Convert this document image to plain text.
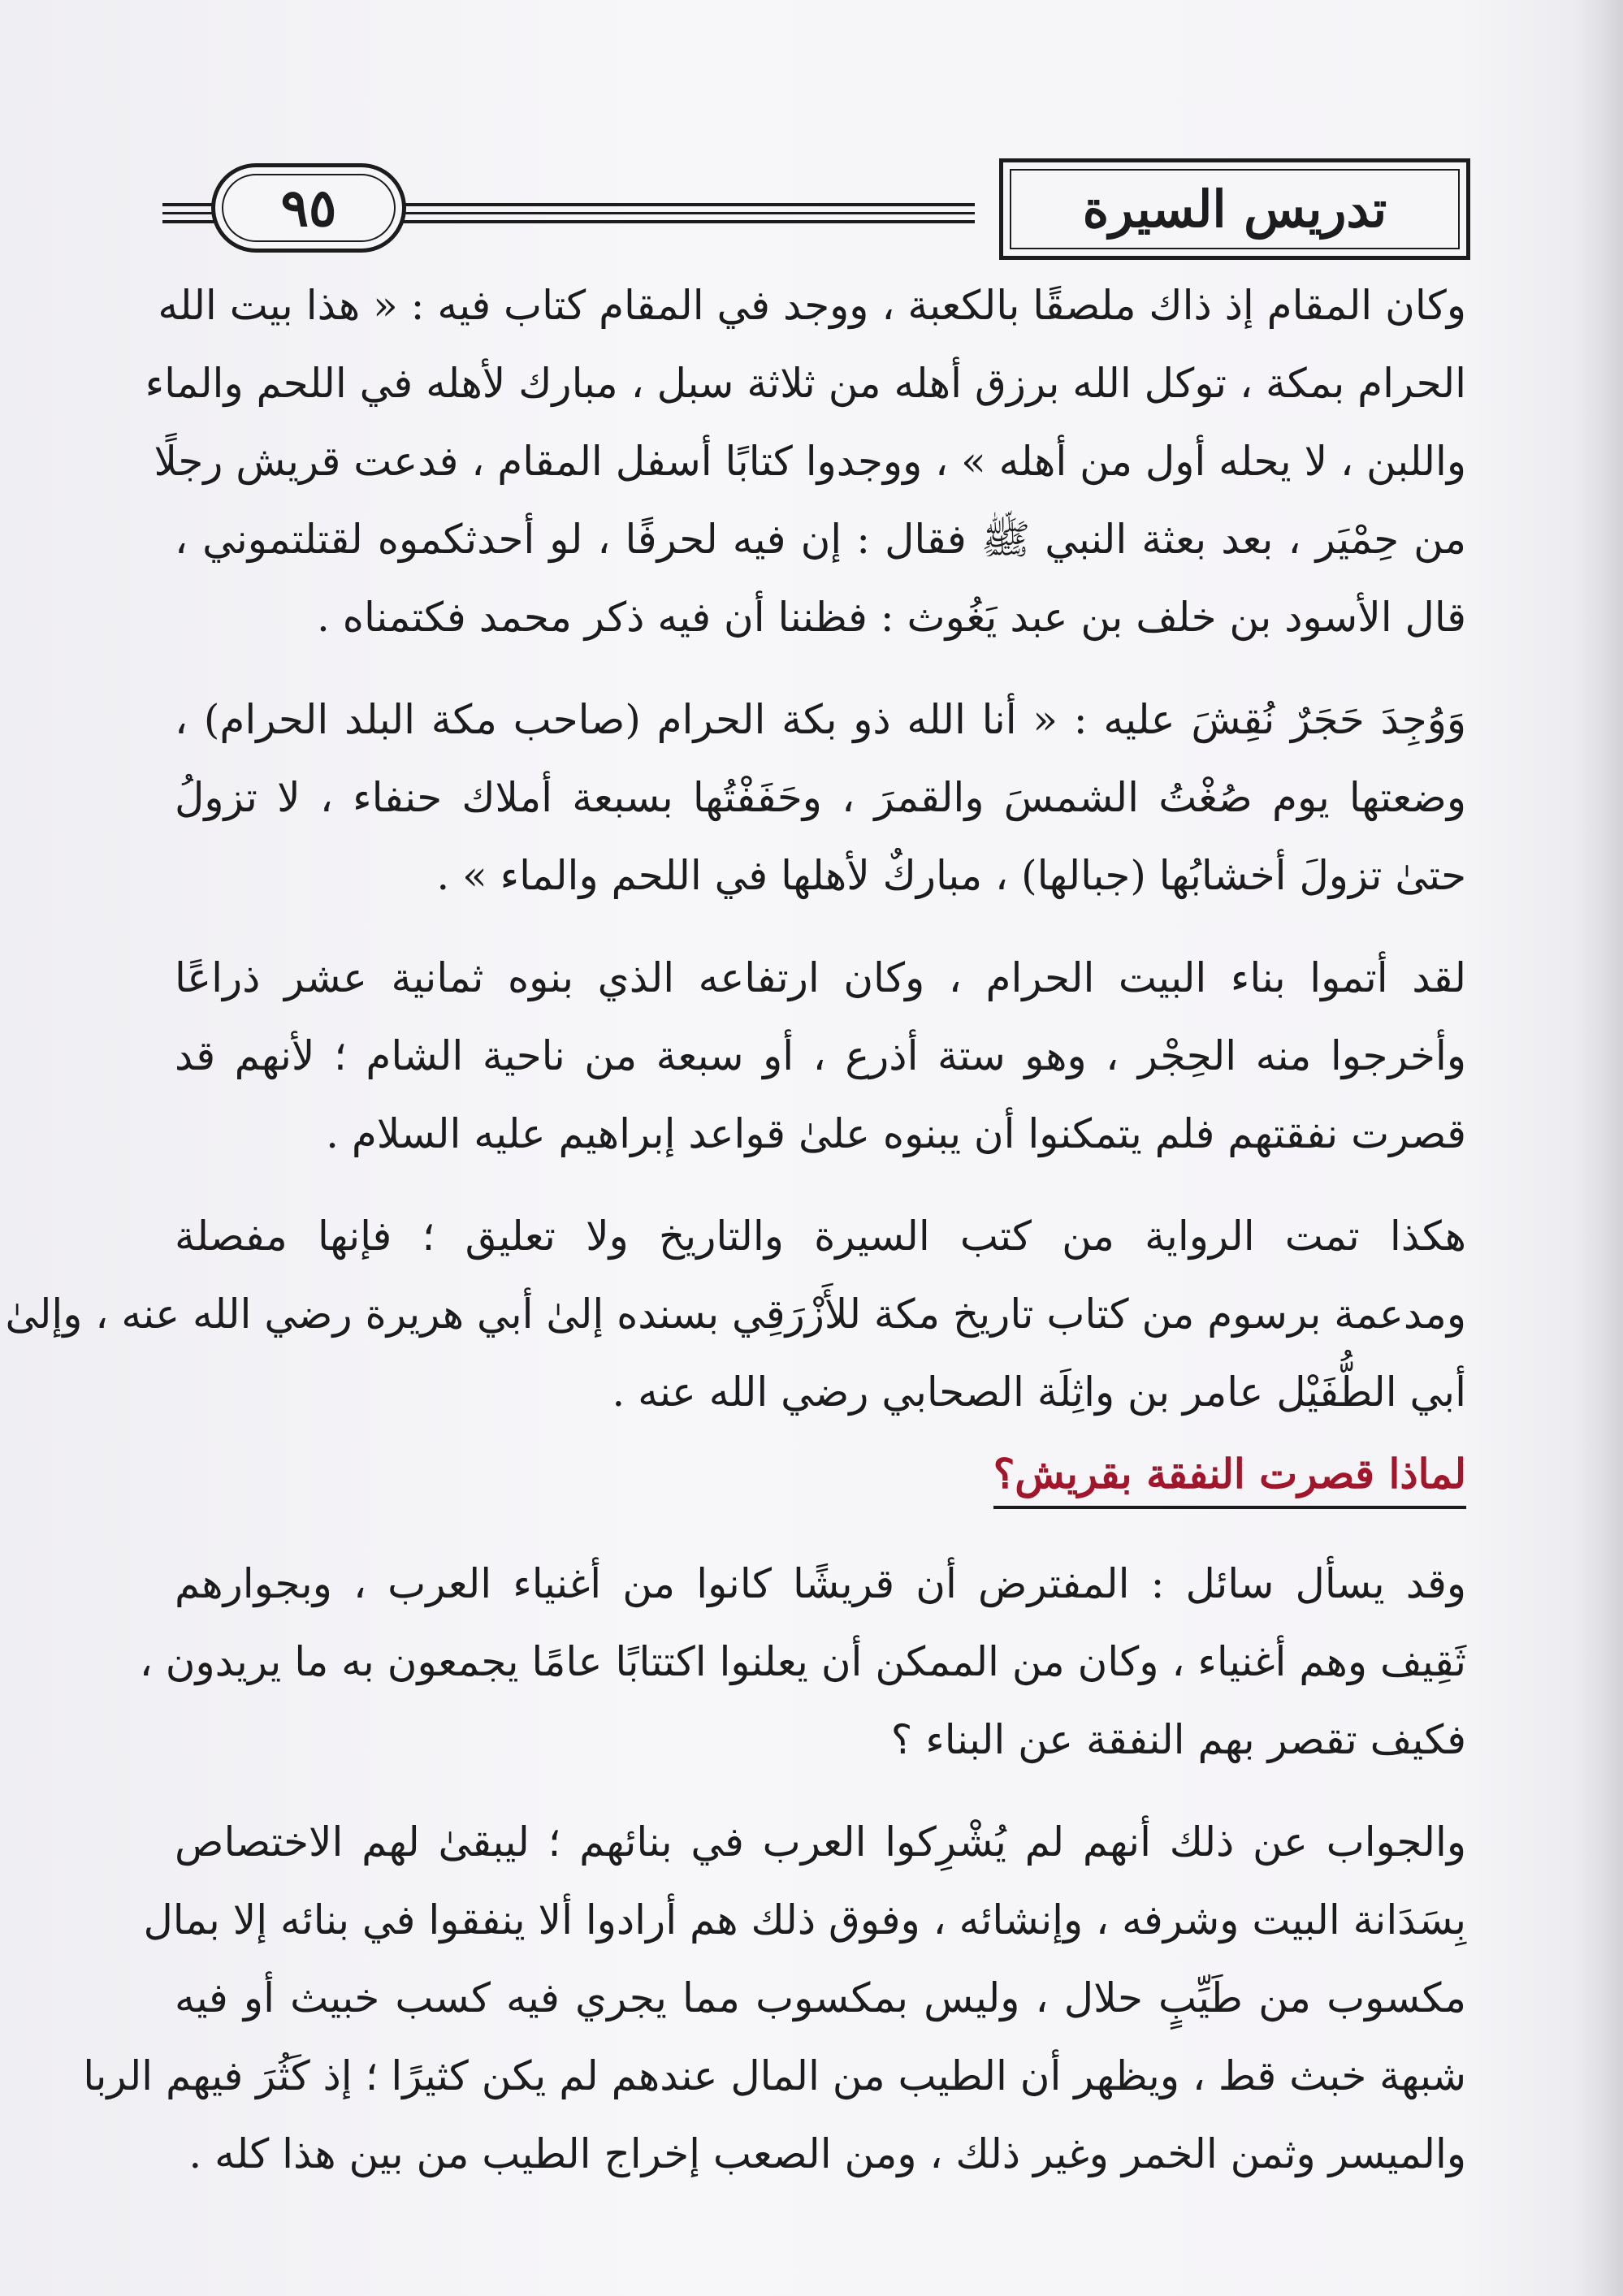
٩٥	تدريس السيرة
وكان المقام إذ ذاك ملصقًا بالكعبة ، ووجد في المقام كتاب فيه : « هذا بيت الله
الحرام بمكة ، توكل الله برزق أهله من ثلاثة سبل ، مبارك لأهله في اللحم والماء
واللبن ، لا يحله أول من أهله » ، ووجدوا كتابًا أسفل المقام ، فدعت قريش رجلًا
من حِمْيَر ، بعد بعثة النبي ﷺ فقال : إن فيه لحرفًا ، لو أحدثكموه لقتلتموني ،
قال الأسود بن خلف بن عبد يَغُوث : فظننا أن فيه ذكر محمد فكتمناه .
وَوُجِدَ حَجَرٌ نُقِشَ عليه : « أنا الله ذو بكة الحرام (صاحب مكة البلد الحرام) ،
وضعتها يوم صُغْتُ الشمسَ والقمرَ ، وحَفَفْتُها بسبعة أملاك حنفاء ، لا تزولُ
حتىٰ تزولَ أخشابُها (جبالها) ، مباركٌ لأهلها في اللحم والماء » .
لقد أتموا بناء البيت الحرام ، وكان ارتفاعه الذي بنوه ثمانية عشر ذراعًا
وأخرجوا منه الحِجْر ، وهو ستة أذرع ، أو سبعة من ناحية الشام ؛ لأنهم قد
قصرت نفقتهم فلم يتمكنوا أن يبنوه علىٰ قواعد إبراهيم عليه السلام .
هكذا تمت الرواية من كتب السيرة والتاريخ ولا تعليق ؛ فإنها مفصلة
ومدعمة برسوم من كتاب تاريخ مكة للأَزْرَقِي بسنده إلىٰ أبي هريرة رضي الله عنه ، وإلىٰ
أبي الطُّفَيْل عامر بن واثِلَة الصحابي رضي الله عنه .
لماذا قصرت النفقة بقريش؟
وقد يسأل سائل : المفترض أن قريشًا كانوا من أغنياء العرب ، وبجوارهم
ثَقِيف وهم أغنياء ، وكان من الممكن أن يعلنوا اكتتابًا عامًا يجمعون به ما يريدون ،
فكيف تقصر بهم النفقة عن البناء ؟
والجواب عن ذلك أنهم لم يُشْرِكوا العرب في بنائهم ؛ ليبقىٰ لهم الاختصاص
بِسَدَانة البيت وشرفه ، وإنشائه ، وفوق ذلك هم أرادوا ألا ينفقوا في بنائه إلا بمال
مكسوب من طَيِّبٍ حلال ، وليس بمكسوب مما يجري فيه كسب خبيث أو فيه
شبهة خبث قط ، ويظهر أن الطيب من المال عندهم لم يكن كثيرًا ؛ إذ كَثُرَ فيهم الربا
والميسر وثمن الخمر وغير ذلك ، ومن الصعب إخراج الطيب من بين هذا كله .
